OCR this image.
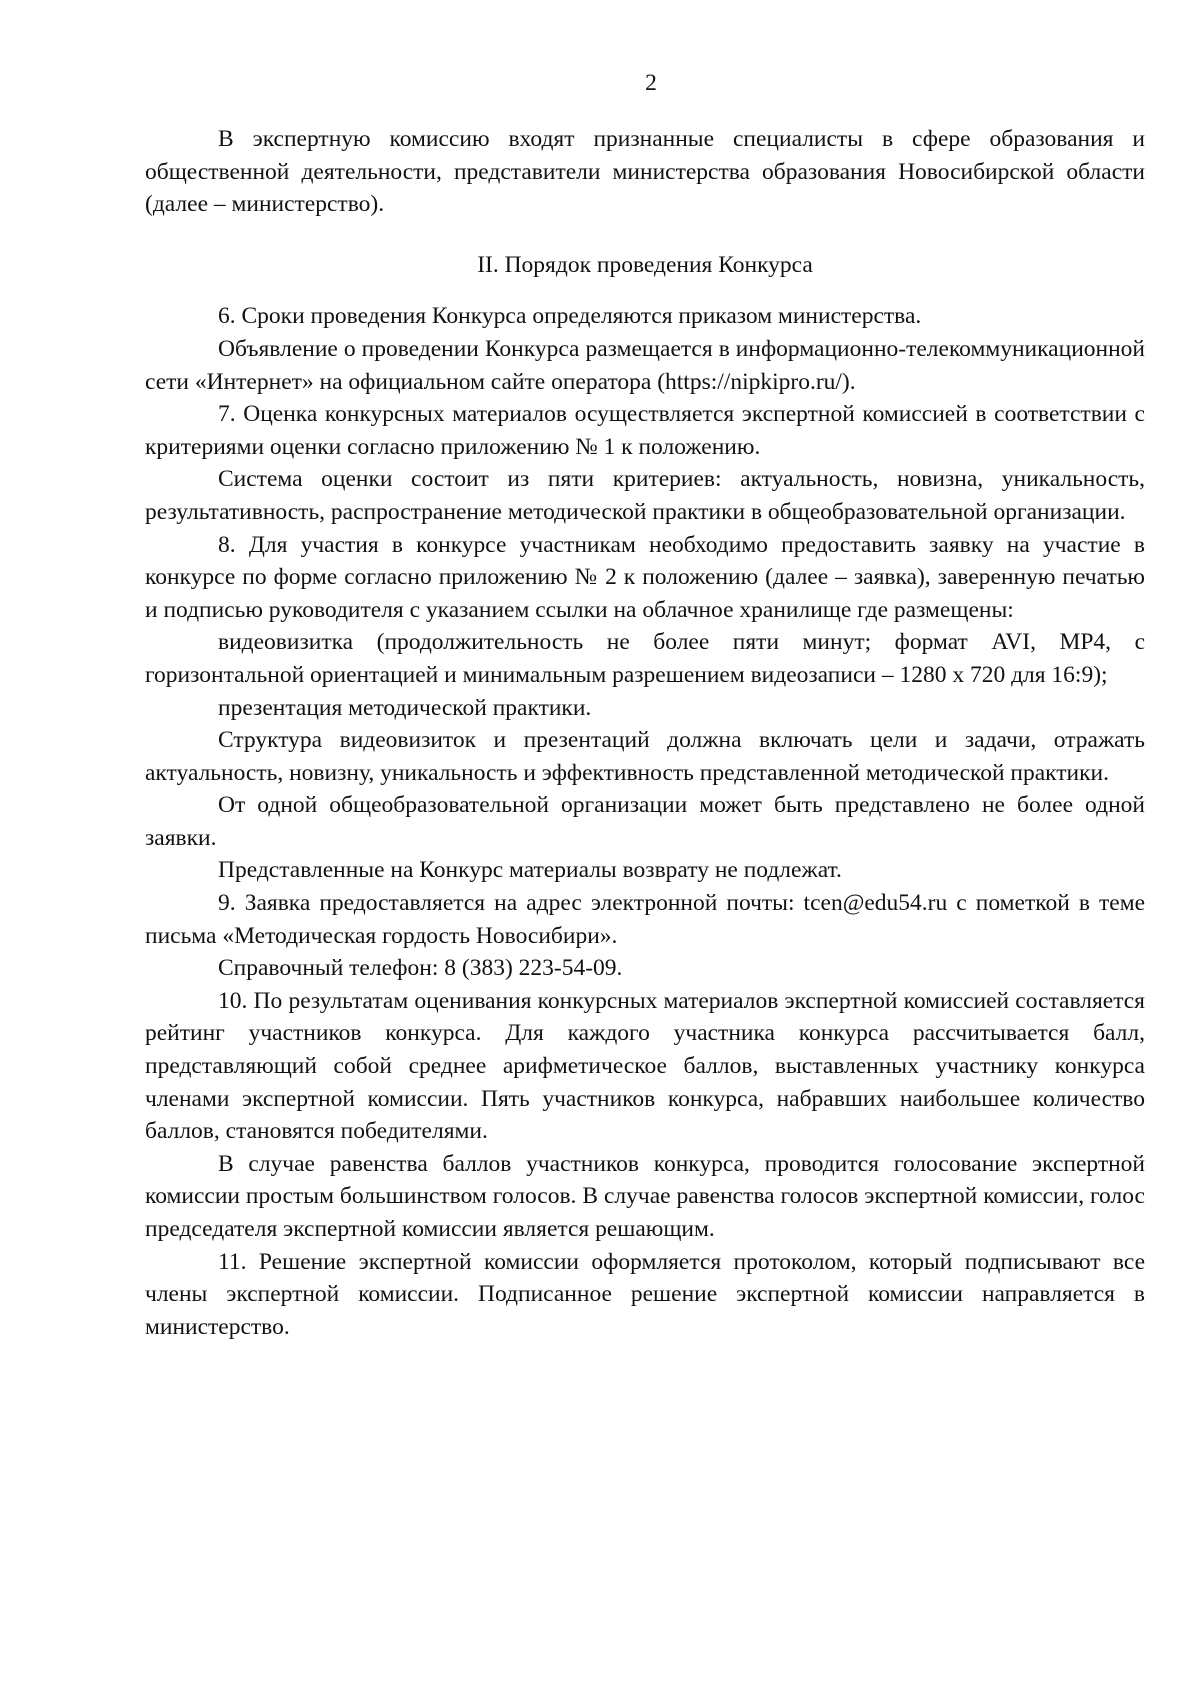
2

В экспертную комиссию входят признанные специалисты в сфере образования и общественной деятельности, представители министерства образования Новосибирской области (далее – министерство).

II. Порядок проведения Конкурса

6. Сроки проведения Конкурса определяются приказом министерства.

Объявление о проведении Конкурса размещается в информационно-телекоммуникационной сети «Интернет» на официальном сайте оператора (https://nipkipro.ru/).

7. Оценка конкурсных материалов осуществляется экспертной комиссией в соответствии с критериями оценки согласно приложению № 1 к положению.

Система оценки состоит из пяти критериев: актуальность, новизна, уникальность, результативность, распространение методической практики в общеобразовательной организации.

8. Для участия в конкурсе участникам необходимо предоставить заявку на участие в конкурсе по форме согласно приложению № 2 к положению (далее – заявка), заверенную печатью и подписью руководителя с указанием ссылки на облачное хранилище где размещены:

видеовизитка (продолжительность не более пяти минут; формат AVI, MP4, с горизонтальной ориентацией и минимальным разрешением видеозаписи – 1280 х 720 для 16:9);

презентация методической практики.

Структура видеовизиток и презентаций должна включать цели и задачи, отражать актуальность, новизну, уникальность и эффективность представленной методической практики.

От одной общеобразовательной организации может быть представлено не более одной заявки.

Представленные на Конкурс материалы возврату не подлежат.

9. Заявка предоставляется на адрес электронной почты: tcen@edu54.ru с пометкой в теме письма «Методическая гордость Новосибири».

Справочный телефон: 8 (383) 223-54-09.

10. По результатам оценивания конкурсных материалов экспертной комиссией составляется рейтинг участников конкурса. Для каждого участника конкурса рассчитывается балл, представляющий собой среднее арифметическое баллов, выставленных участнику конкурса членами экспертной комиссии. Пять участников конкурса, набравших наибольшее количество баллов, становятся победителями.

В случае равенства баллов участников конкурса, проводится голосование экспертной комиссии простым большинством голосов. В случае равенства голосов экспертной комиссии, голос председателя экспертной комиссии является решающим.

11. Решение экспертной комиссии оформляется протоколом, который подписывают все члены экспертной комиссии. Подписанное решение экспертной комиссии направляется в министерство.
